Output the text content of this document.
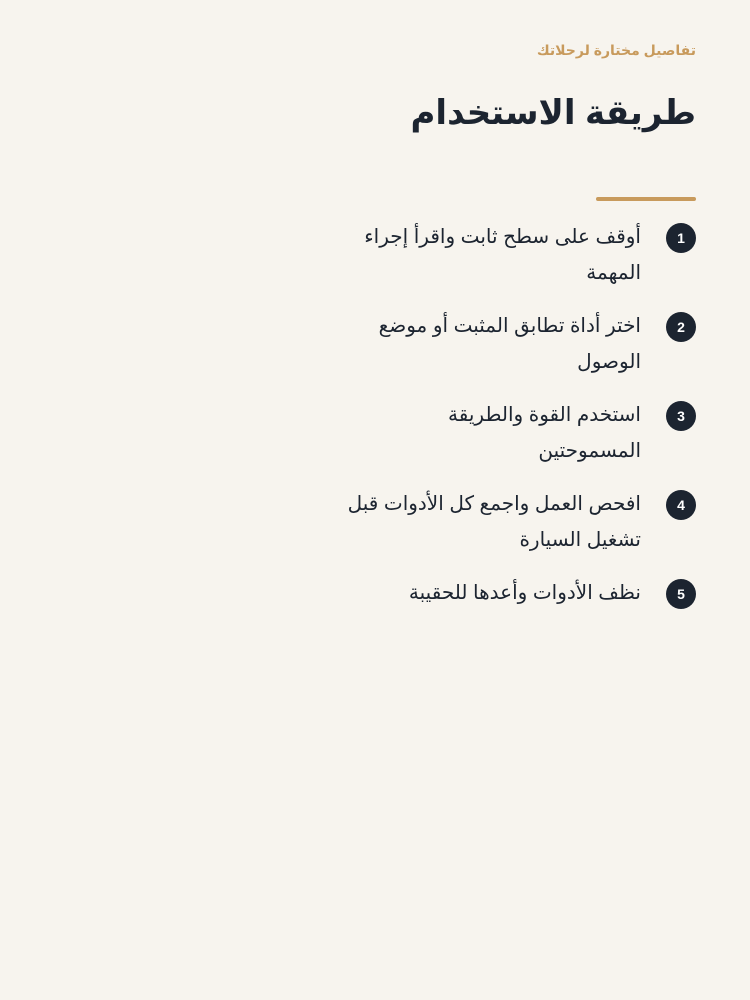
تفاصيل مختارة لرحلاتك

طريقة الاستخدام
1
أوقف على سطح ثابت واقرأ إجراء المهمة
2
اختر أداة تطابق المثبت أو موضع الوصول
3
استخدم القوة والطريقة المسموحتين
4
افحص العمل واجمع كل الأدوات قبل تشغيل السيارة
5
نظف الأدوات وأعدها للحقيبة
